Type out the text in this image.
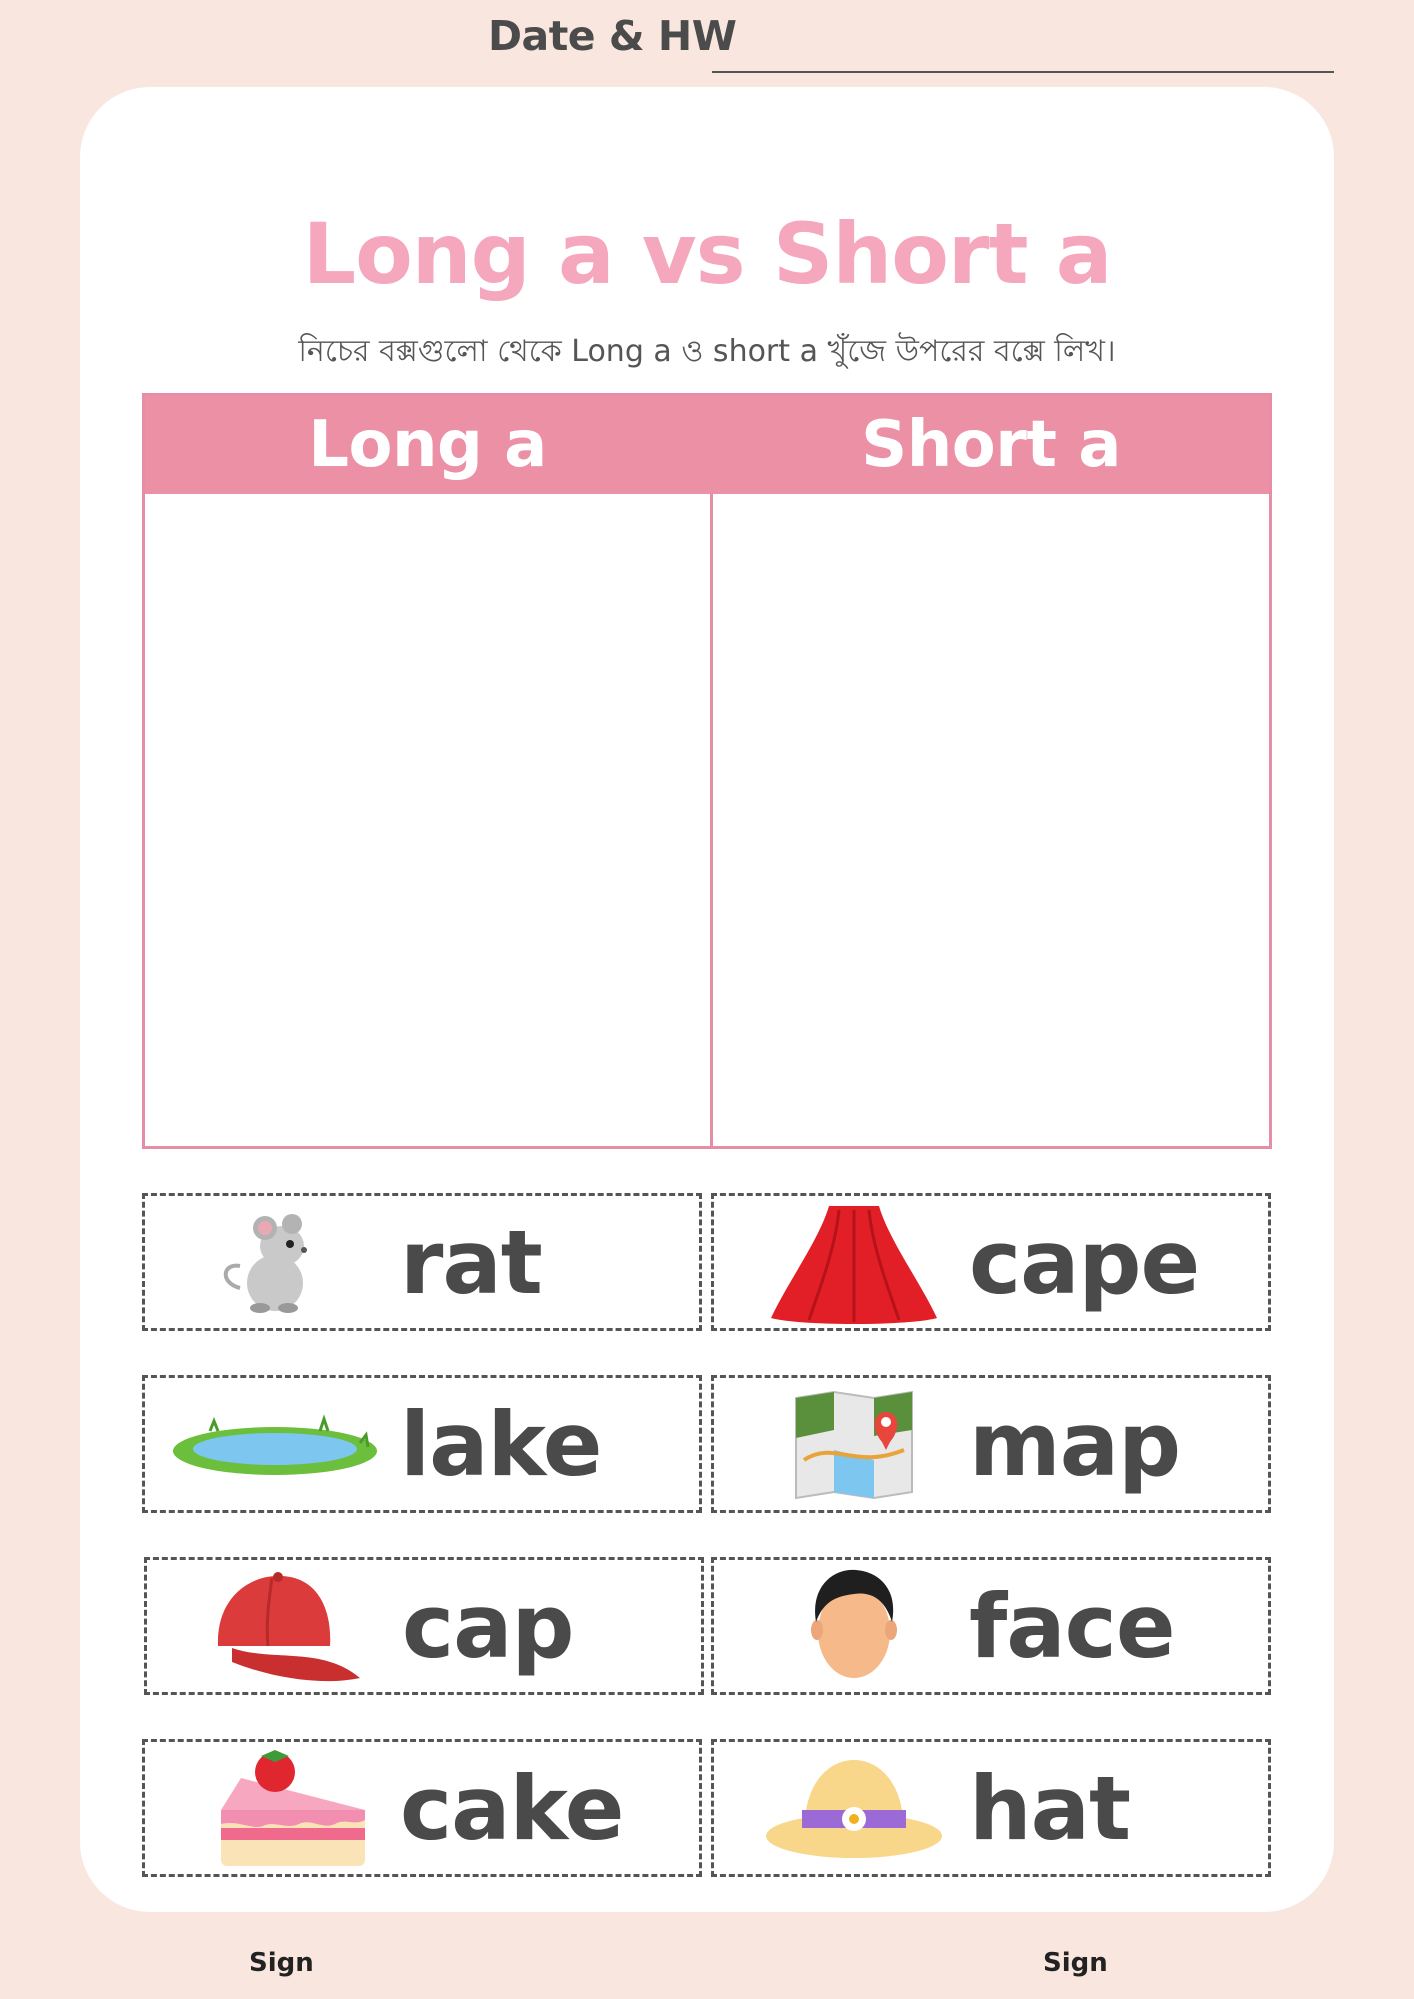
Date & HW
Long a vs Short a
নিচের বক্সগুলো থেকে Long a ও short a খুঁজে উপরের বক্সে লিখ।
Long a	Short a
rat	cape
lake	map
cap	face
cake	hat
Sign	Sign
